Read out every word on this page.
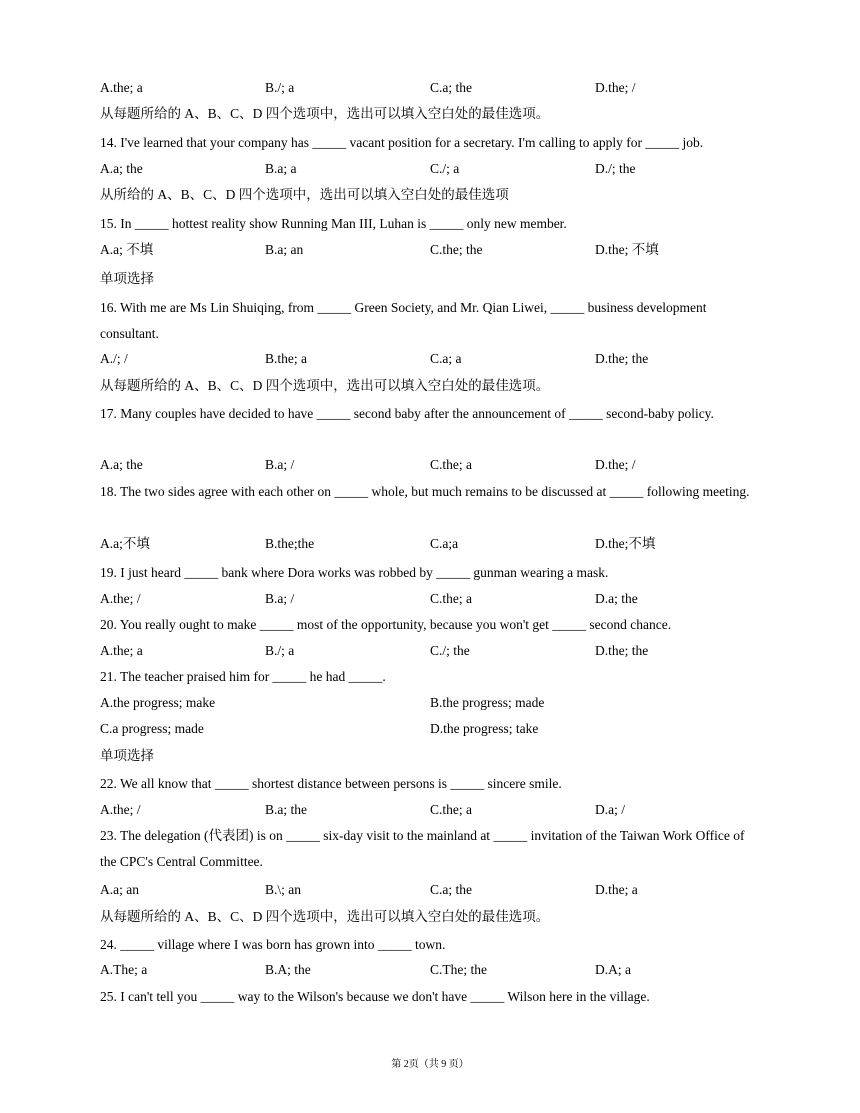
A.the; a	B./; a	C.a; the	D.the; /
从每题所给的 A、B、C、D 四个选项中，选出可以填入空白处的最佳选项。
14. I've learned that your company has _____ vacant position for a secretary. I'm calling to apply for _____ job.
A.a; the	B.a; a	C./; a	D./; the
从所给的 A、B、C、D 四个选项中，选出可以填入空白处的最佳选项
15. In _____ hottest reality show Running Man III, Luhan is _____ only new member.
A.a; 不填	B.a; an	C.the; the	D.the; 不填
单项选择
16. With me are Ms Lin Shuiqing, from _____ Green Society, and Mr. Qian Liwei, _____ business development consultant.
A./; /	B.the; a	C.a; a	D.the; the
从每题所给的 A、B、C、D 四个选项中，选出可以填入空白处的最佳选项。
17. Many couples have decided to have _____ second baby after the announcement of _____ second-baby policy.
A.a; the	B.a; /	C.the; a	D.the; /
18. The two sides agree with each other on _____ whole, but much remains to be discussed at _____ following meeting.
A.a;不填	B.the;the	C.a;a	D.the;不填
19. I just heard _____ bank where Dora works was robbed by _____ gunman wearing a mask.
A.the; /	B.a; /	C.the; a	D.a; the
20. You really ought to make _____ most of the opportunity, because you won't get _____ second chance.
A.the; a	B./; a	C./; the	D.the; the
21. The teacher praised him for _____ he had _____.
A.the progress; make	B.the progress; made
C.a progress; made	D.the progress; take
单项选择
22. We all know that _____ shortest distance between persons is _____ sincere smile.
A.the; /	B.a; the	C.the; a	D.a; /
23. The delegation (代表团) is on _____ six-day visit to the mainland at _____ invitation of the Taiwan Work Office of the CPC's Central Committee.
A.a; an	B.\; an	C.a; the	D.the; a
从每题所给的 A、B、C、D 四个选项中，选出可以填入空白处的最佳选项。
24. _____ village where I was born has grown into _____ town.
A.The; a	B.A; the	C.The; the	D.A; a
25. I can't tell you _____ way to the Wilson's because we don't have _____ Wilson here in the village.
第 2页（共 9 页）
